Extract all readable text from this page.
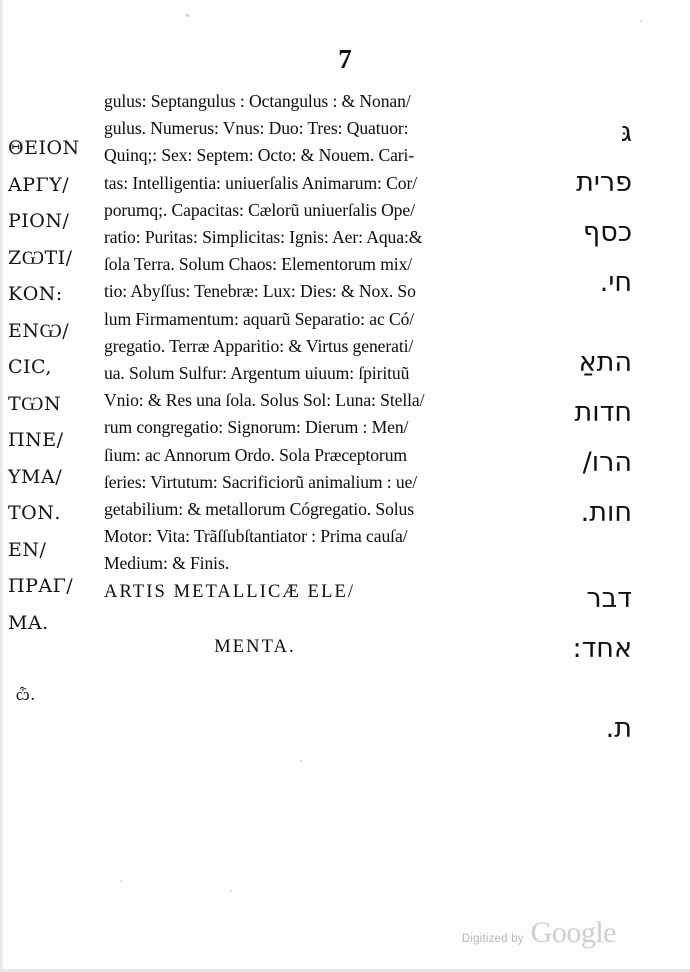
7
ΘΕΙΟΝ
ΑΡΓΥ/
ΡΙΟΝ/
ΖѠΤΙ/
ΚΟΝ:
ΕΝѠ/
CIC,
ΤѠΝ
ΠΝΕ/
ΥΜΑ/
ΤΟΝ.
ΕΝ/
ΠΡΑΓ/
ΜΑ.
ѽ.
gulus: Septangulus : Octangulus : & Nonan/
gulus. Numerus: Vnus: Duo: Tres: Quatuor:
Quinq;: Sex: Septem: Octo: & Nouem. Cari-
tas: Intelligentia: uniuerſalis Animarum: Cor/
porumq;. Capacitas: Cælorũ uniuerſalis Ope/
ratio: Puritas: Simplicitas: Ignis: Aer: Aqua:&
ſola Terra. Solum Chaos: Elementorum mix/
tio: Abyſſus: Tenebræ: Lux: Dies: & Nox. So
lum Firmamentum: aquarũ Separatio: ac Có/
gregatio. Terræ Apparitio: & Virtus generati/
ua. Solum Sulfur: Argentum uiuum: ſpirituũ
Vnio: & Res una ſola. Solus Sol: Luna: Stella/
rum congregatio: Signorum: Dierum : Men/
ſium: ac Annorum Ordo. Sola Præceptorum
ſeries: Virtutum: Sacrificiorũ animalium : ue/
getabilium: & metallorum Cógregatio. Solus
Motor: Vita: Trãſſubſtantiator : Prima cauſa/
Medium: & Finis.
ARTIS METALLICÆ ELE/
MENTA.
גּ
פרית
כסף
חי.
התאַ
חדות
הרו/
חות.
דבר
אחד:
ת.
Digitized by Google
